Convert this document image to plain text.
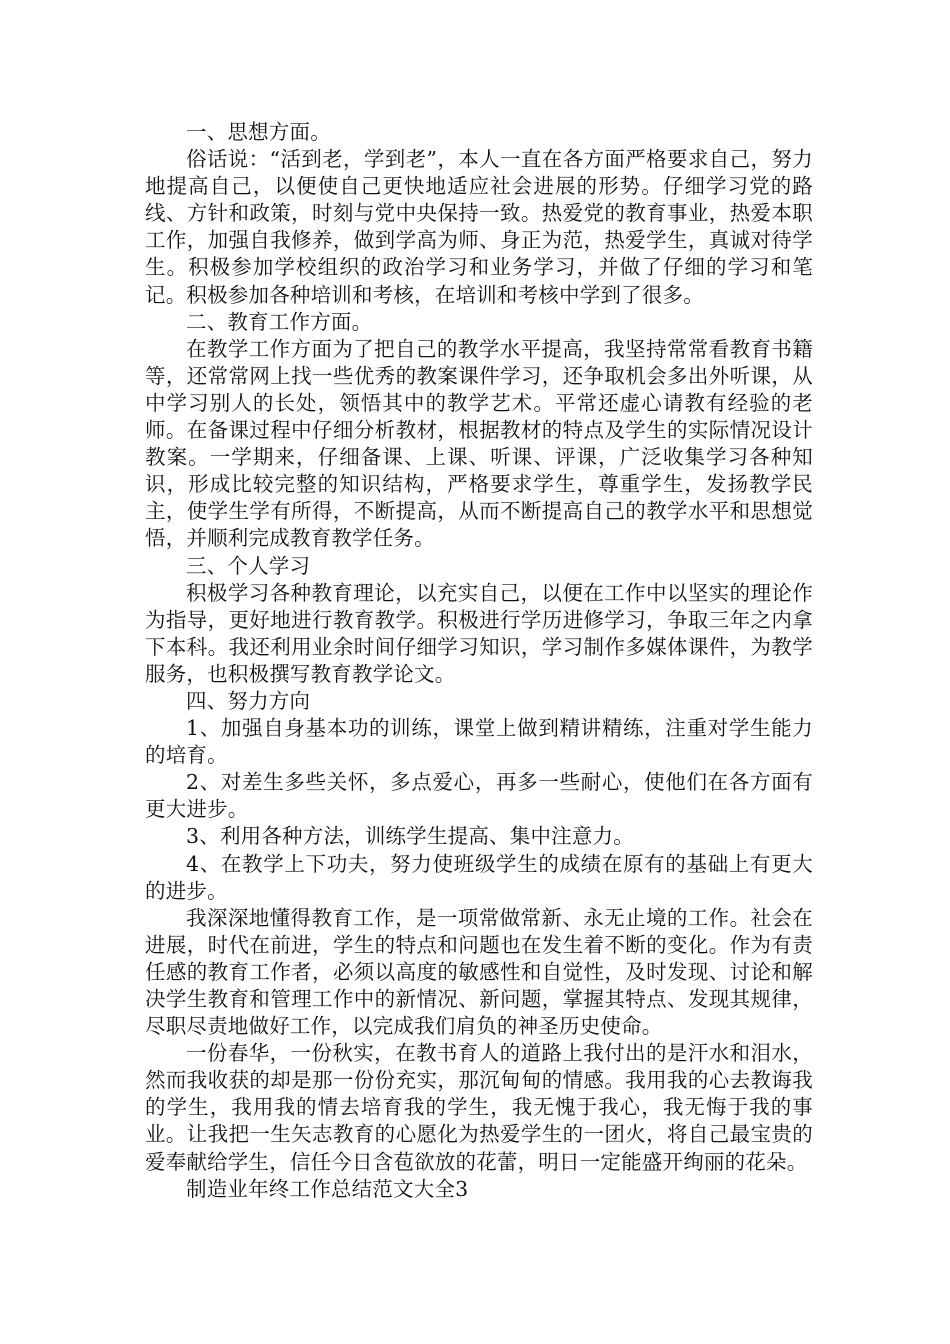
一、思想方面。

俗话说：“活到老，学到老”，本人一直在各方面严格要求自己，努力地提高自己，以便使自己更快地适应社会进展的形势。仔细学习党的路线、方针和政策，时刻与党中央保持一致。热爱党的教育事业，热爱本职工作，加强自我修养，做到学高为师、身正为范，热爱学生，真诚对待学生。积极参加学校组织的政治学习和业务学习，并做了仔细的学习和笔记。积极参加各种培训和考核，在培训和考核中学到了很多。

二、教育工作方面。

在教学工作方面为了把自己的教学水平提高，我坚持常常看教育书籍等，还常常网上找一些优秀的教案课件学习，还争取机会多出外听课，从中学习别人的长处，领悟其中的教学艺术。平常还虚心请教有经验的老师。在备课过程中仔细分析教材，根据教材的特点及学生的实际情况设计教案。一学期来，仔细备课、上课、听课、评课，广泛收集学习各种知识，形成比较完整的知识结构，严格要求学生，尊重学生，发扬教学民主，使学生学有所得，不断提高，从而不断提高自己的教学水平和思想觉悟，并顺利完成教育教学任务。

三、个人学习

积极学习各种教育理论，以充实自己，以便在工作中以坚实的理论作为指导，更好地进行教育教学。积极进行学历进修学习，争取三年之内拿下本科。我还利用业余时间仔细学习知识，学习制作多媒体课件，为教学服务，也积极撰写教育教学论文。

四、努力方向

1、加强自身基本功的训练，课堂上做到精讲精练，注重对学生能力的培育。

2、对差生多些关怀，多点爱心，再多一些耐心，使他们在各方面有更大进步。

3、利用各种方法，训练学生提高、集中注意力。

4、在教学上下功夫，努力使班级学生的成绩在原有的基础上有更大的进步。

我深深地懂得教育工作，是一项常做常新、永无止境的工作。社会在进展，时代在前进，学生的特点和问题也在发生着不断的变化。作为有责任感的教育工作者，必须以高度的敏感性和自觉性，及时发现、讨论和解决学生教育和管理工作中的新情况、新问题，掌握其特点、发现其规律，尽职尽责地做好工作，以完成我们肩负的神圣历史使命。

一份春华，一份秋实，在教书育人的道路上我付出的是汗水和泪水，然而我收获的却是那一份份充实，那沉甸甸的情感。我用我的心去教诲我的学生，我用我的情去培育我的学生，我无愧于我心，我无悔于我的事业。让我把一生矢志教育的心愿化为热爱学生的一团火，将自己最宝贵的爱奉献给学生，信任今日含苞欲放的花蕾，明日一定能盛开绚丽的花朵。

制造业年终工作总结范文大全3
